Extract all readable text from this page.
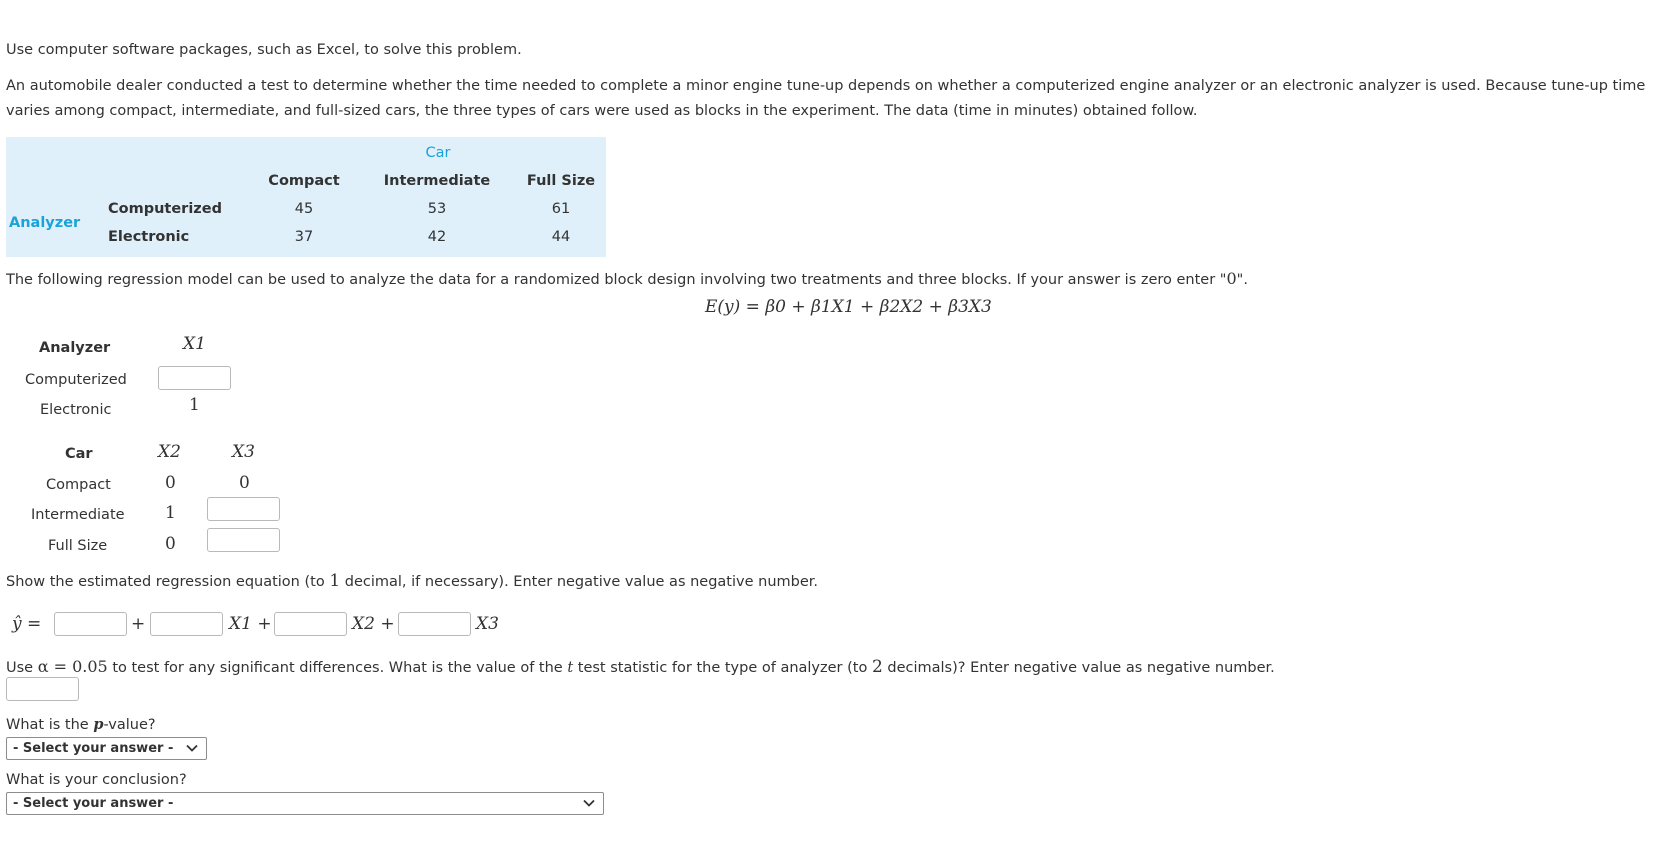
Use computer software packages, such as Excel, to solve this problem.

An automobile dealer conducted a test to determine whether the time needed to complete a minor engine tune-up depends on whether a computerized engine analyzer or an electronic analyzer is used. Because tune-up time varies among compact, intermediate, and full-sized cars, the three types of cars were used as blocks in the experiment. The data (time in minutes) obtained follow.

Car
Compact	Intermediate	Full Size
Analyzer
Computerized	45	53	61
Electronic	37	42	44

The following regression model can be used to analyze the data for a randomized block design involving two treatments and three blocks. If your answer is zero enter "0".

E(y) = β0 + β1X1 + β2X2 + β3X3
Analyzer	X1
Computerized
Electronic	1
Car	X2	X3
Compact	0	0
Intermediate 1
Full Size	0

Show the estimated regression equation (to 1 decimal, if necessary). Enter negative value as negative number.

ŷ =	+	X1 +	X2 +	X3

Use α = 0.05 to test for any significant differences. What is the value of the t test statistic for the type of analyzer (to 2 decimals)? Enter negative value as negative number.

What is the p-value?

- Select your answer -

What is your conclusion?

- Select your answer -
